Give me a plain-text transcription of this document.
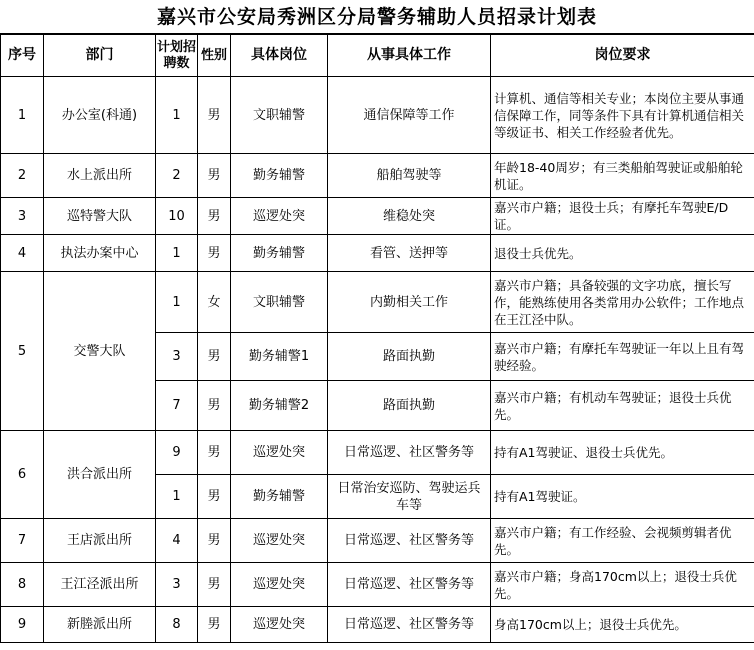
嘉兴市公安局秀洲区分局警务辅助人员招录计划表
序号	部门	计划招聘数	性别	具体岗位	从事具体工作	岗位要求
1	办公室(科通)	1	男	文职辅警	通信保障等工作	计算机、通信等相关专业；本岗位主要从事通信保障工作，同等条件下具有计算机通信相关等级证书、相关工作经验者优先。
2	水上派出所	2	男	勤务辅警	船舶驾驶等	年龄18-40周岁；有三类船舶驾驶证或船舶轮机证。
3	巡特警大队	10	男	巡逻处突	维稳处突	嘉兴市户籍；退役士兵；有摩托车驾驶E/D证。
4	执法办案中心	1	男	勤务辅警	看管、送押等	退役士兵优先。
5	交警大队	1	女	文职辅警	内勤相关工作	嘉兴市户籍；具备较强的文字功底，擅长写作，能熟练使用各类常用办公软件；工作地点在王江泾中队。
		3	男	勤务辅警1	路面执勤	嘉兴市户籍；有摩托车驾驶证一年以上且有驾驶经验。
		7	男	勤务辅警2	路面执勤	嘉兴市户籍；有机动车驾驶证；退役士兵优先。
6	洪合派出所	9	男	巡逻处突	日常巡逻、社区警务等	持有A1驾驶证、退役士兵优先。
		1	男	勤务辅警	日常治安巡防、驾驶运兵车等	持有A1驾驶证。
7	王店派出所	4	男	巡逻处突	日常巡逻、社区警务等	嘉兴市户籍；有工作经验、会视频剪辑者优先。
8	王江泾派出所	3	男	巡逻处突	日常巡逻、社区警务等	嘉兴市户籍；身高170cm以上；退役士兵优先。
9	新塍派出所	8	男	巡逻处突	日常巡逻、社区警务等	身高170cm以上；退役士兵优先。
